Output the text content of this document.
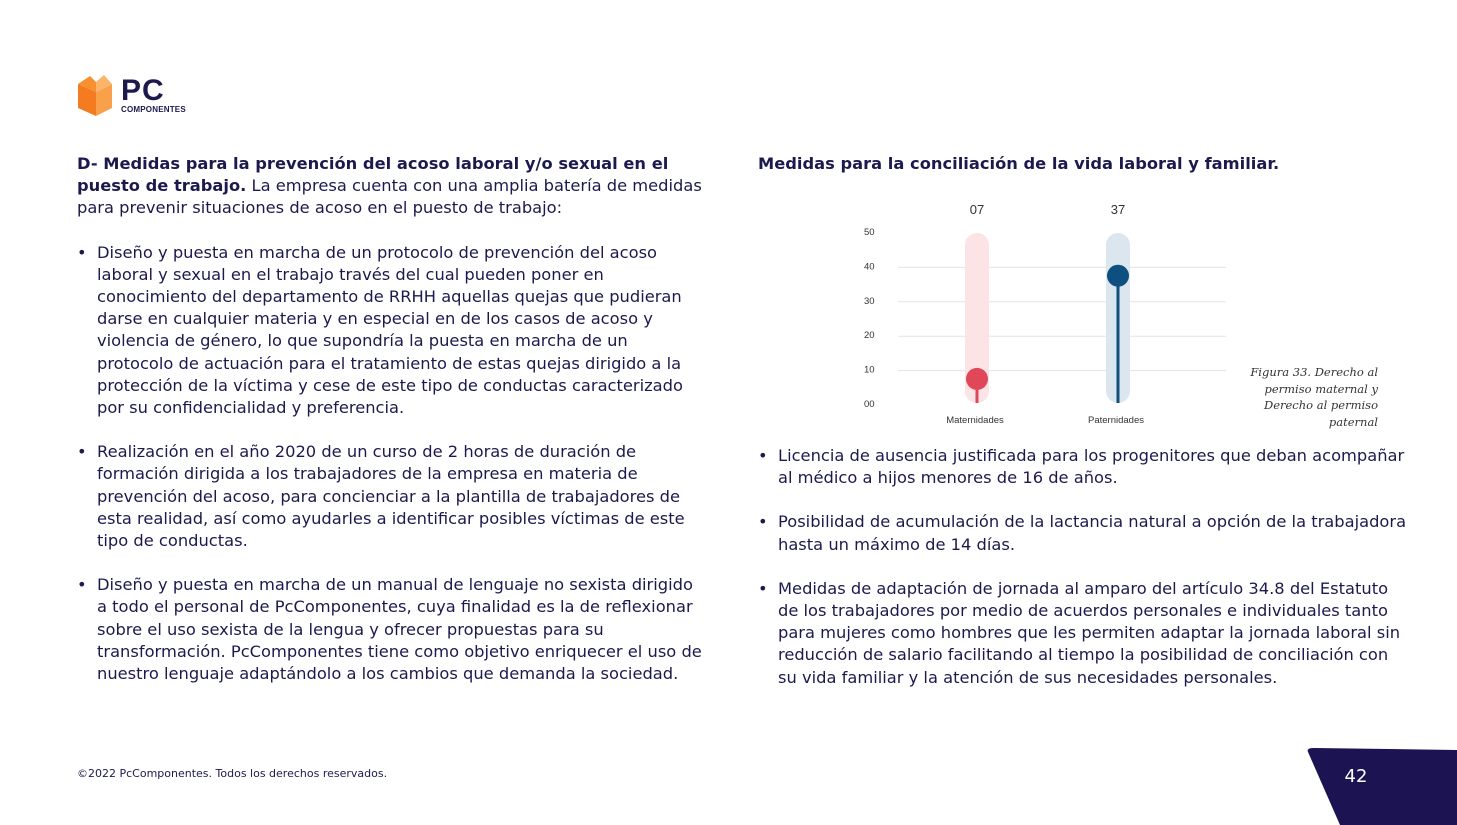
PC
COMPONENTES

D- Medidas para la prevención del acoso laboral y/o sexual en el puesto de trabajo. La empresa cuenta con una amplia batería de medidas para prevenir situaciones de acoso en el puesto de trabajo:

• Diseño y puesta en marcha de un protocolo de prevención del acoso laboral y sexual en el trabajo través del cual pueden poner en conocimiento del departamento de RRHH aquellas quejas que pudieran darse en cualquier materia y en especial en de los casos de acoso y violencia de género, lo que supondría la puesta en marcha de un protocolo de actuación para el tratamiento de estas quejas dirigido a la protección de la víctima y cese de este tipo de conductas caracterizado por su confidencialidad y preferencia.
• Realización en el año 2020 de un curso de 2 horas de duración de formación dirigida a los trabajadores de la empresa en materia de prevención del acoso, para concienciar a la plantilla de trabajadores de esta realidad, así como ayudarles a identificar posibles víctimas de este tipo de conductas.
• Diseño y puesta en marcha de un manual de lenguaje no sexista dirigido a todo el personal de PcComponentes, cuya finalidad es la de reflexionar sobre el uso sexista de la lengua y ofrecer propuestas para su transformación. PcComponentes tiene como objetivo enriquecer el uso de nuestro lenguaje adaptándolo a los cambios que demanda la sociedad.
Medidas para la conciliación de la vida laboral y familiar.
00
10
20
30
40
50
07
Maternidades
37
Paternidades
Figura 33. Derecho al permiso maternal y Derecho al permiso paternal
• Licencia de ausencia justificada para los progenitores que deban acompañar al médico a hijos menores de 16 de años.
• Posibilidad de acumulación de la lactancia natural a opción de la trabajadora hasta un máximo de 14 días.
• Medidas de adaptación de jornada al amparo del artículo 34.8 del Estatuto de los trabajadores por medio de acuerdos personales e individuales tanto para mujeres como hombres que les permiten adaptar la jornada laboral sin reducción de salario facilitando al tiempo la posibilidad de conciliación con su vida familiar y la atención de sus necesidades personales.
©2022 PcComponentes. Todos los derechos reservados.	42
